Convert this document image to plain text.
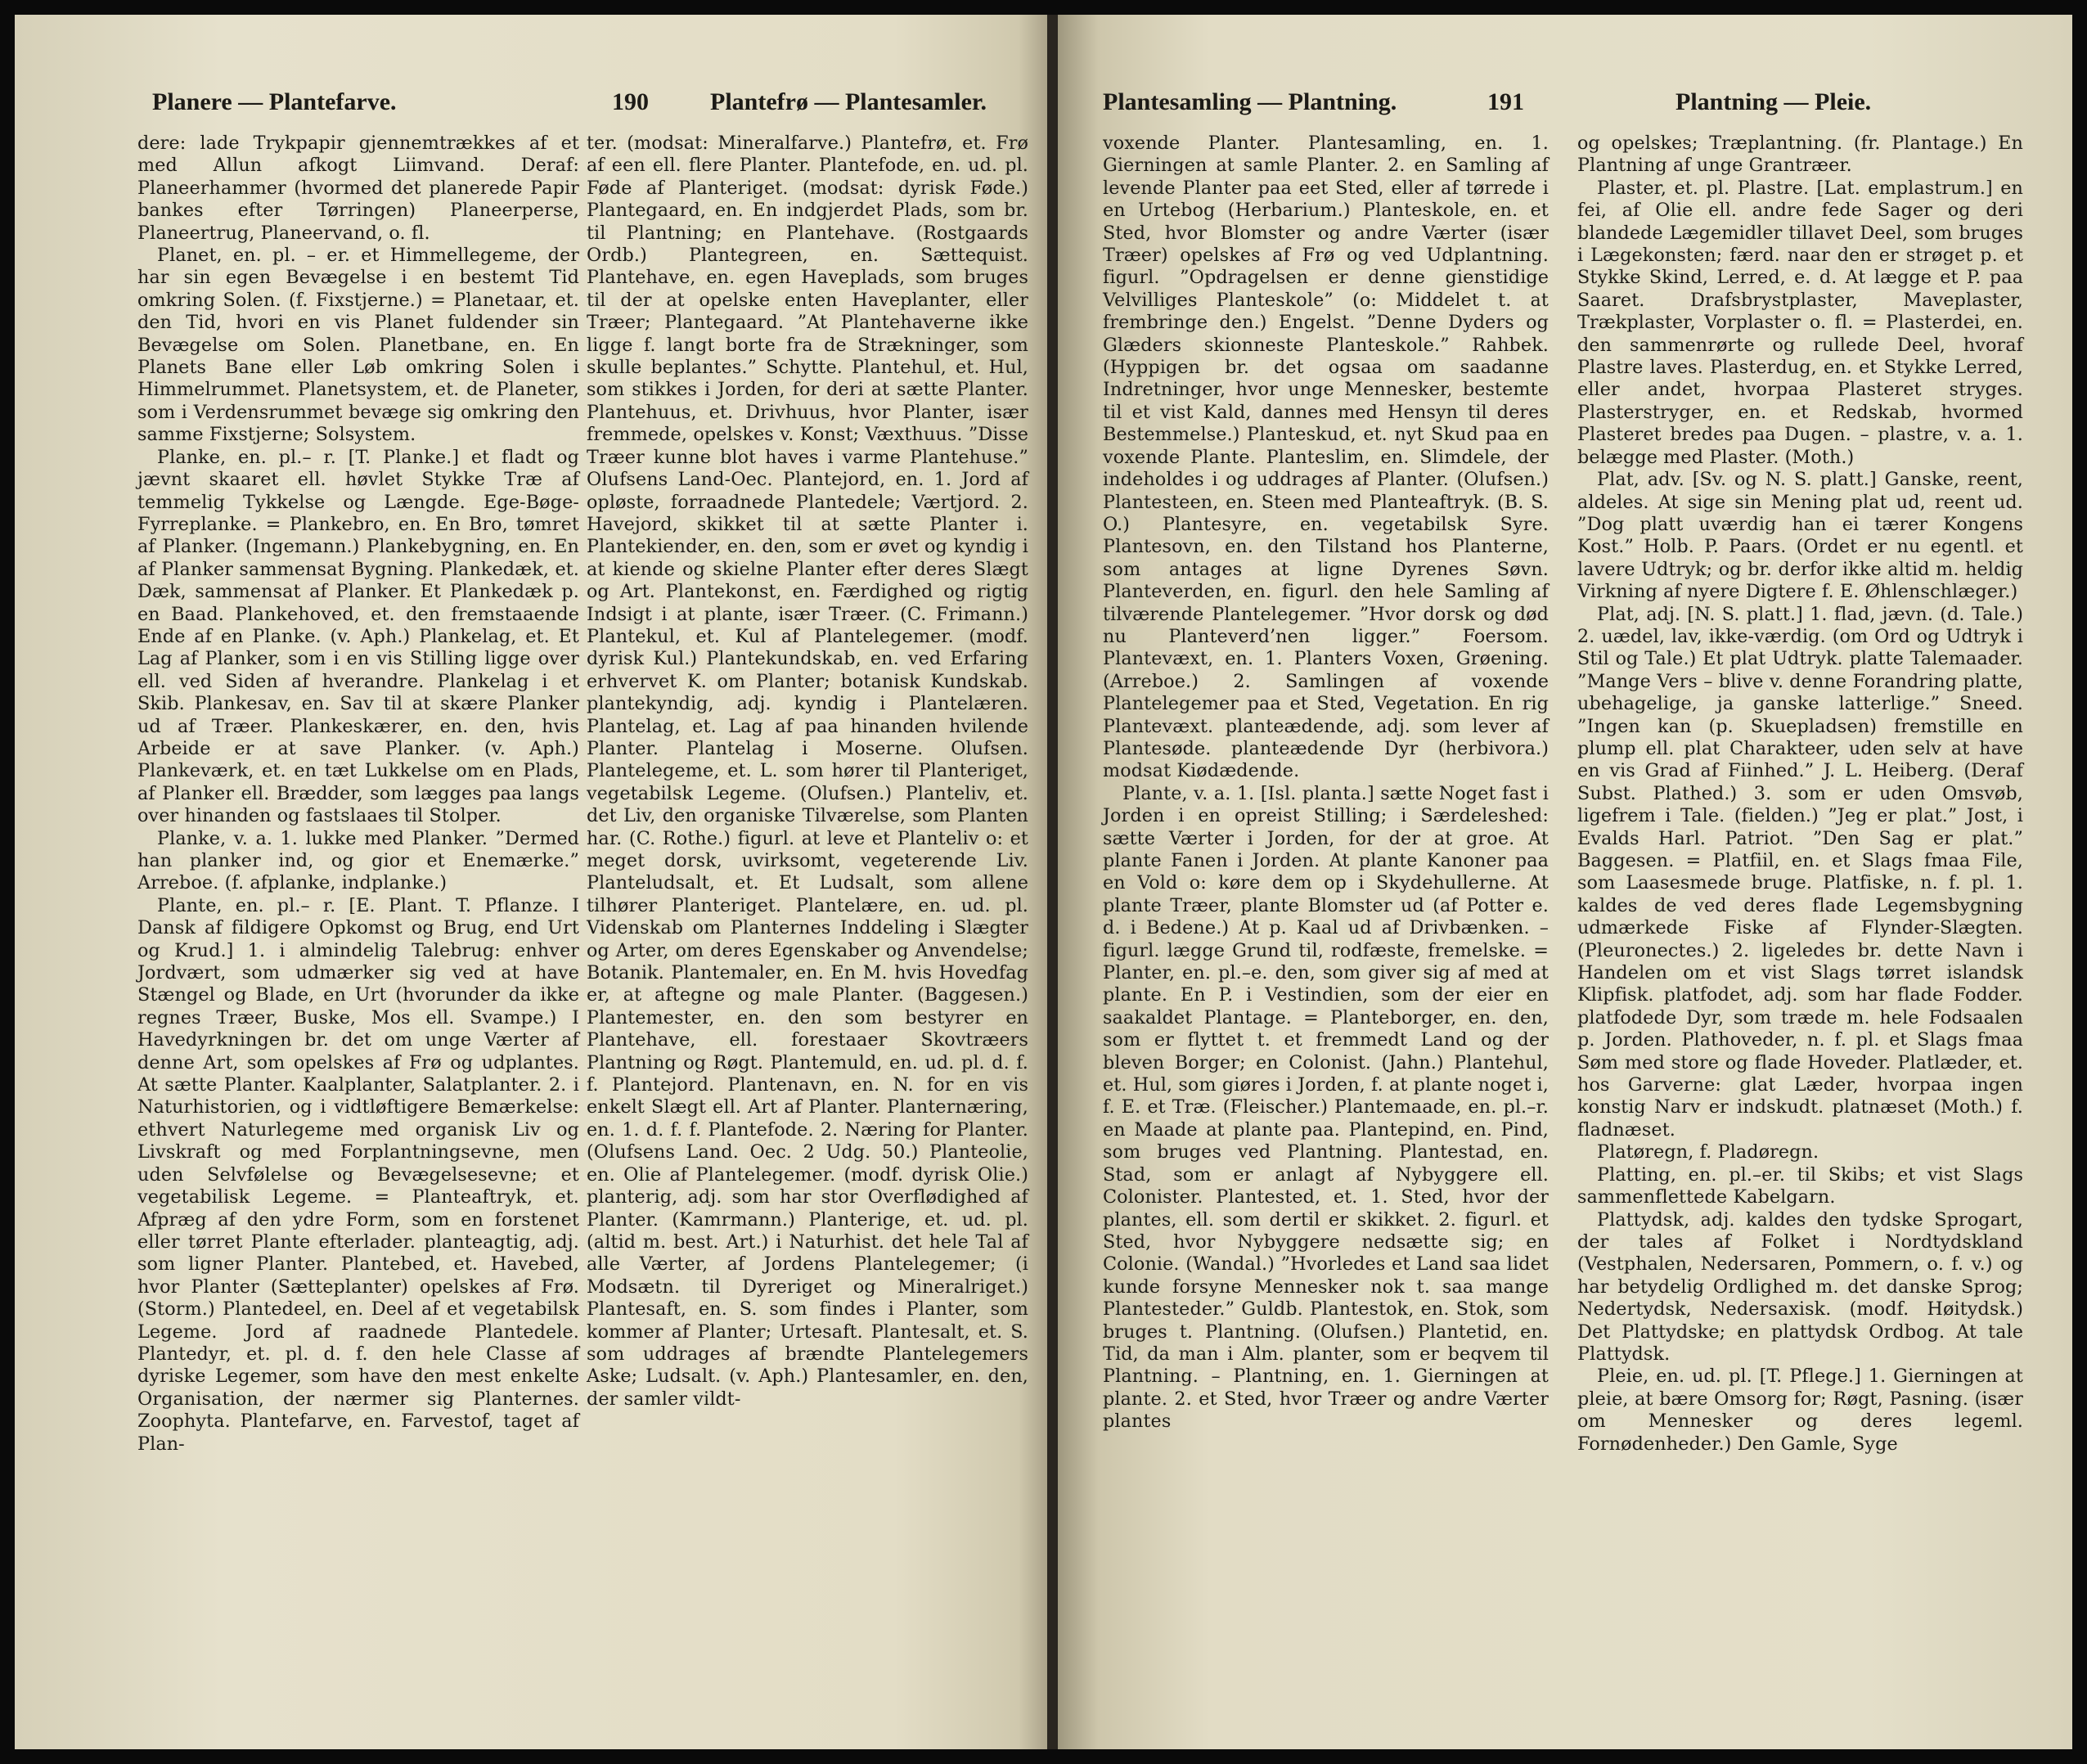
Planere — Plantefarve.	190	Plantefrø — Plantesamler.

dere: lade Trykpapir gjennemtrækkes af et med Allun afkogt Liimvand. Deraf: Planeerhammer (hvormed det planerede Papir bankes efter Tørringen) Planeerperse, Planeertrug, Planeervand, o. fl.

Planet, en. pl. – er. et Himmellegeme, der har sin egen Bevægelse i en bestemt Tid omkring Solen. (f. Fixstjerne.) = Planetaar, et. den Tid, hvori en vis Planet fuldender sin Bevægelse om Solen. Planetbane, en. En Planets Bane eller Løb omkring Solen i Himmelrummet. Planetsystem, et. de Planeter, som i Verdensrummet bevæge sig omkring den samme Fixstjerne; Solsystem.

Planke, en. pl.– r. [T. Planke.] et fladt og jævnt skaaret ell. høvlet Stykke Træ af temmelig Tykkelse og Længde. Ege-Bøge-Fyrreplanke. = Plankebro, en. En Bro, tømret af Planker. (Ingemann.) Plankebygning, en. En af Planker sammensat Bygning. Plankedæk, et. Dæk, sammensat af Planker. Et Plankedæk p. en Baad. Plankehoved, et. den fremstaaende Ende af en Planke. (v. Aph.) Plankelag, et. Et Lag af Planker, som i en vis Stilling ligge over ell. ved Siden af hverandre. Plankelag i et Skib. Plankesav, en. Sav til at skære Planker ud af Træer. Plankeskærer, en. den, hvis Arbeide er at save Planker. (v. Aph.) Plankeværk, et. en tæt Lukkelse om en Plads, af Planker ell. Brædder, som lægges paa langs over hinanden og fastslaaes til Stolper.

Planke, v. a. 1. lukke med Planker. ”Dermed han planker ind, og gior et Enemærke.” Arreboe. (f. afplanke, indplanke.)

Plante, en. pl.– r. [E. Plant. T. Pflanze. I Dansk af fildigere Opkomst og Brug, end Urt og Krud.] 1. i almindelig Talebrug: enhver Jordvært, som udmærker sig ved at have Stængel og Blade, en Urt (hvorunder da ikke regnes Træer, Buske, Mos ell. Svampe.) I Havedyrkningen br. det om unge Værter af denne Art, som opelskes af Frø og udplantes. At sætte Planter. Kaalplanter, Salatplanter. 2. i Naturhistorien, og i vidtløftigere Bemærkelse: ethvert Naturlegeme med organisk Liv og Livskraft og med Forplantningsevne, men uden Selvfølelse og Bevægelsesevne; et vegetabilisk Legeme. = Planteaftryk, et. Afpræg af den ydre Form, som en forstenet eller tørret Plante efterlader. planteagtig, adj. som ligner Planter. Plantebed, et. Havebed, hvor Planter (Sætteplanter) opelskes af Frø. (Storm.) Plantedeel, en. Deel af et vegetabilsk Legeme. Jord af raadnede Plantedele. Plantedyr, et. pl. d. f. den hele Classe af dyriske Legemer, som have den mest enkelte Organisation, der nærmer sig Planternes. Zoophyta. Plantefarve, en. Farvestof, taget af Plan-

ter. (modsat: Mineralfarve.) Plantefrø, et. Frø af een ell. flere Planter. Plantefode, en. ud. pl. Føde af Planteriget. (modsat: dyrisk Føde.) Plantegaard, en. En indgjerdet Plads, som br. til Plantning; en Plantehave. (Rostgaards Ordb.) Plantegreen, en. Sættequist. Plantehave, en. egen Haveplads, som bruges til der at opelske enten Haveplanter, eller Træer; Plantegaard. ”At Plantehaverne ikke ligge f. langt borte fra de Strækninger, som skulle beplantes.” Schytte. Plantehul, et. Hul, som stikkes i Jorden, for deri at sætte Planter. Plantehuus, et. Drivhuus, hvor Planter, især fremmede, opelskes v. Konst; Væxthuus. ”Disse Træer kunne blot haves i varme Plantehuse.” Olufsens Land-Oec. Plantejord, en. 1. Jord af opløste, forraadnede Plantedele; Værtjord. 2. Havejord, skikket til at sætte Planter i. Plantekiender, en. den, som er øvet og kyndig i at kiende og skielne Planter efter deres Slægt og Art. Plantekonst, en. Færdighed og rigtig Indsigt i at plante, især Træer. (C. Frimann.) Plantekul, et. Kul af Plantelegemer. (modf. dyrisk Kul.) Plantekundskab, en. ved Erfaring erhvervet K. om Planter; botanisk Kundskab. plantekyndig, adj. kyndig i Plantelæren. Plantelag, et. Lag af paa hinanden hvilende Planter. Plantelag i Moserne. Olufsen. Plantelegeme, et. L. som hører til Planteriget, vegetabilsk Legeme. (Olufsen.) Planteliv, et. det Liv, den organiske Tilværelse, som Planten har. (C. Rothe.) figurl. at leve et Planteliv o: et meget dorsk, uvirksomt, vegeterende Liv. Planteludsalt, et. Et Ludsalt, som allene tilhører Planteriget. Plantelære, en. ud. pl. Videnskab om Planternes Inddeling i Slægter og Arter, om deres Egenskaber og Anvendelse; Botanik. Plantemaler, en. En M. hvis Hovedfag er, at aftegne og male Planter. (Baggesen.) Plantemester, en. den som bestyrer en Plantehave, ell. forestaaer Skovtræers Plantning og Røgt. Plantemuld, en. ud. pl. d. f. f. Plantejord. Plantenavn, en. N. for en vis enkelt Slægt ell. Art af Planter. Planternæring, en. 1. d. f. f. Plantefode. 2. Næring for Planter. (Olufsens Land. Oec. 2 Udg. 50.) Planteolie, en. Olie af Plantelegemer. (modf. dyrisk Olie.) planterig, adj. som har stor Overflødighed af Planter. (Kamrmann.) Planterige, et. ud. pl. (altid m. best. Art.) i Naturhist. det hele Tal af alle Værter, af Jordens Plantelegemer; (i Modsætn. til Dyreriget og Mineralriget.) Plantesaft, en. S. som findes i Planter, som kommer af Planter; Urtesaft. Plantesalt, et. S. som uddrages af brændte Plantelegemers Aske; Ludsalt. (v. Aph.) Plantesamler, en. den, der samler vildt-

Plantesamling — Plantning.	191	Plantning — Pleie.

voxende Planter. Plantesamling, en. 1. Gierningen at samle Planter. 2. en Samling af levende Planter paa eet Sted, eller af tørrede i en Urtebog (Herbarium.) Planteskole, en. et Sted, hvor Blomster og andre Værter (især Træer) opelskes af Frø og ved Udplantning. figurl. ”Opdragelsen er denne gienstidige Velvilliges Planteskole” (o: Middelet t. at frembringe den.) Engelst. ”Denne Dyders og Glæders skionneste Planteskole.” Rahbek. (Hyppigen br. det ogsaa om saadanne Indretninger, hvor unge Mennesker, bestemte til et vist Kald, dannes med Hensyn til deres Bestemmelse.) Planteskud, et. nyt Skud paa en voxende Plante. Planteslim, en. Slimdele, der indeholdes i og uddrages af Planter. (Olufsen.) Plantesteen, en. Steen med Planteaftryk. (B. S. O.) Plantesyre, en. vegetabilsk Syre. Plantesovn, en. den Tilstand hos Planterne, som antages at ligne Dyrenes Søvn. Planteverden, en. figurl. den hele Samling af tilværende Plantelegemer. ”Hvor dorsk og død nu Planteverd’nen ligger.” Foersom. Plantevæxt, en. 1. Planters Voxen, Grøening. (Arreboe.) 2. Samlingen af voxende Plantelegemer paa et Sted, Vegetation. En rig Plantevæxt. planteædende, adj. som lever af Plantesøde. planteædende Dyr (herbivora.) modsat Kiødædende.

Plante, v. a. 1. [Isl. planta.] sætte Noget fast i Jorden i en opreist Stilling; i Særdeleshed: sætte Værter i Jorden, for der at groe. At plante Fanen i Jorden. At plante Kanoner paa en Vold o: køre dem op i Skydehullerne. At plante Træer, plante Blomster ud (af Potter e. d. i Bedene.) At p. Kaal ud af Drivbænken. – figurl. lægge Grund til, rodfæste, fremelske. = Planter, en. pl.–e. den, som giver sig af med at plante. En P. i Vestindien, som der eier en saakaldet Plantage. = Planteborger, en. den, som er flyttet t. et fremmedt Land og der bleven Borger; en Colonist. (Jahn.) Plantehul, et. Hul, som giøres i Jorden, f. at plante noget i, f. E. et Træ. (Fleischer.) Plantemaade, en. pl.–r. en Maade at plante paa. Plantepind, en. Pind, som bruges ved Plantning. Plantestad, en. Stad, som er anlagt af Nybyggere ell. Colonister. Plantested, et. 1. Sted, hvor der plantes, ell. som dertil er skikket. 2. figurl. et Sted, hvor Nybyggere nedsætte sig; en Colonie. (Wandal.) ”Hvorledes et Land saa lidet kunde forsyne Mennesker nok t. saa mange Plantesteder.” Guldb. Plantestok, en. Stok, som bruges t. Plantning. (Olufsen.) Plantetid, en. Tid, da man i Alm. planter, som er beqvem til Plantning. – Plantning, en. 1. Gierningen at plante. 2. et Sted, hvor Træer og andre Værter plantes

og opelskes; Træplantning. (fr. Plantage.) En Plantning af unge Grantræer.

Plaster, et. pl. Plastre. [Lat. emplastrum.] en fei, af Olie ell. andre fede Sager og deri blandede Lægemidler tillavet Deel, som bruges i Lægekonsten; færd. naar den er strøget p. et Stykke Skind, Lerred, e. d. At lægge et P. paa Saaret. Drafsbrystplaster, Maveplaster, Trækplaster, Vorplaster o. fl. = Plasterdei, en. den sammenrørte og rullede Deel, hvoraf Plastre laves. Plasterdug, en. et Stykke Lerred, eller andet, hvorpaa Plasteret stryges. Plasterstryger, en. et Redskab, hvormed Plasteret bredes paa Dugen. – plastre, v. a. 1. belægge med Plaster. (Moth.)

Plat, adv. [Sv. og N. S. platt.] Ganske, reent, aldeles. At sige sin Mening plat ud, reent ud. ”Dog platt uværdig han ei tærer Kongens Kost.” Holb. P. Paars. (Ordet er nu egentl. et lavere Udtryk; og br. derfor ikke altid m. heldig Virkning af nyere Digtere f. E. Øhlenschlæger.)

Plat, adj. [N. S. platt.] 1. flad, jævn. (d. Tale.) 2. uædel, lav, ikke-værdig. (om Ord og Udtryk i Stil og Tale.) Et plat Udtryk. platte Talemaader. ”Mange Vers – blive v. denne Forandring platte, ubehagelige, ja ganske latterlige.” Sneed. ”Ingen kan (p. Skuepladsen) fremstille en plump ell. plat Charakteer, uden selv at have en vis Grad af Fiinhed.” J. L. Heiberg. (Deraf Subst. Plathed.) 3. som er uden Omsvøb, ligefrem i Tale. (fielden.) ”Jeg er plat.” Jost, i Evalds Harl. Patriot. ”Den Sag er plat.” Baggesen. = Platfiil, en. et Slags fmaa File, som Laasesmede bruge. Platfiske, n. f. pl. 1. kaldes de ved deres flade Legemsbygning udmærkede Fiske af Flynder-Slægten. (Pleuronectes.) 2. ligeledes br. dette Navn i Handelen om et vist Slags tørret islandsk Klipfisk. platfodet, adj. som har flade Fodder. platfodede Dyr, som træde m. hele Fodsaalen p. Jorden. Plathoveder, n. f. pl. et Slags fmaa Søm med store og flade Hoveder. Platlæder, et. hos Garverne: glat Læder, hvorpaa ingen konstig Narv er indskudt. platnæset (Moth.) f. fladnæset.

Platøregn, f. Pladøregn.

Platting, en. pl.–er. til Skibs; et vist Slags sammenflettede Kabelgarn.

Plattydsk, adj. kaldes den tydske Sprogart, der tales af Folket i Nordtydskland (Vestphalen, Nedersaren, Pommern, o. f. v.) og har betydelig Ordlighed m. det danske Sprog; Nedertydsk, Nedersaxisk. (modf. Høitydsk.) Det Plattydske; en plattydsk Ordbog. At tale Plattydsk.

Pleie, en. ud. pl. [T. Pflege.] 1. Gierningen at pleie, at bære Omsorg for; Røgt, Pasning. (især om Mennesker og deres legeml. Fornødenheder.) Den Gamle, Syge
